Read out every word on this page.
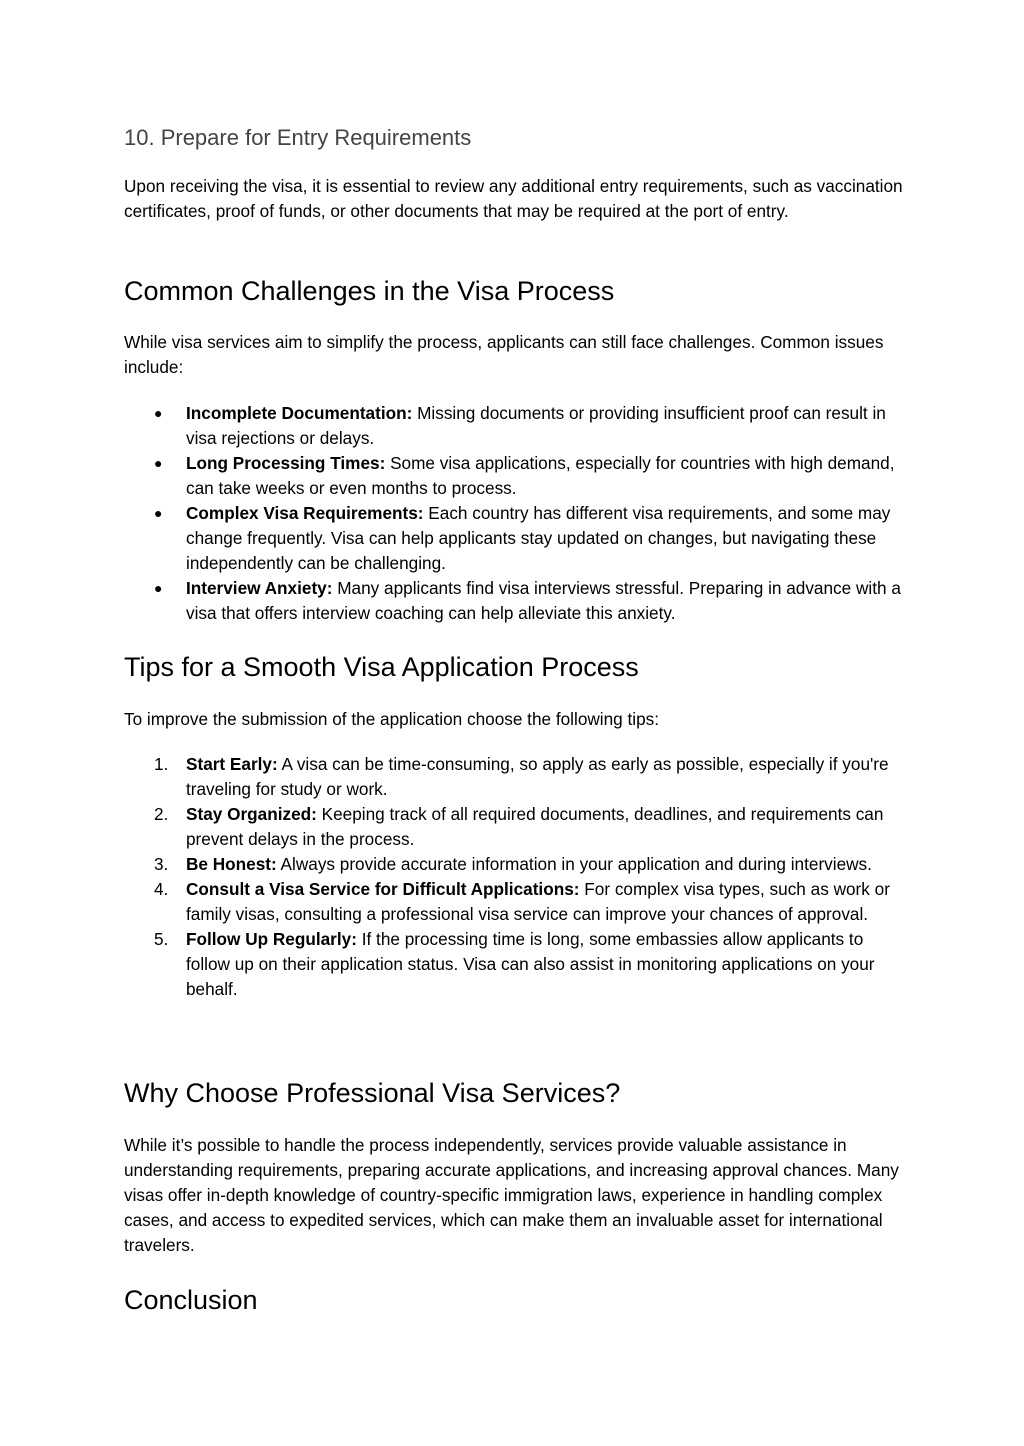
10. Prepare for Entry Requirements

Upon receiving the visa, it is essential to review any additional entry requirements, such as vaccination certificates, proof of funds, or other documents that may be required at the port of entry.

Common Challenges in the Visa Process

While visa services aim to simplify the process, applicants can still face challenges. Common issues include:

●	Incomplete Documentation: Missing documents or providing insufficient proof can result in visa rejections or delays.
●	Long Processing Times: Some visa applications, especially for countries with high demand, can take weeks or even months to process.
●	Complex Visa Requirements: Each country has different visa requirements, and some may change frequently. Visa can help applicants stay updated on changes, but navigating these independently can be challenging.
●	Interview Anxiety: Many applicants find visa interviews stressful. Preparing in advance with a visa that offers interview coaching can help alleviate this anxiety.
Tips for a Smooth Visa Application Process

To improve the submission of the application choose the following tips:

1.	Start Early: A visa can be time-consuming, so apply as early as possible, especially if you're traveling for study or work.
2.	Stay Organized: Keeping track of all required documents, deadlines, and requirements can prevent delays in the process.
3.	Be Honest: Always provide accurate information in your application and during interviews.
4.	Consult a Visa Service for Difficult Applications: For complex visa types, such as work or family visas, consulting a professional visa service can improve your chances of approval.
5.	Follow Up Regularly: If the processing time is long, some embassies allow applicants to follow up on their application status. Visa can also assist in monitoring applications on your behalf.
Why Choose Professional Visa Services?

While it’s possible to handle the process independently, services provide valuable assistance in understanding requirements, preparing accurate applications, and increasing approval chances. Many visas offer in-depth knowledge of country-specific immigration laws, experience in handling complex cases, and access to expedited services, which can make them an invaluable asset for international travelers.

Conclusion
